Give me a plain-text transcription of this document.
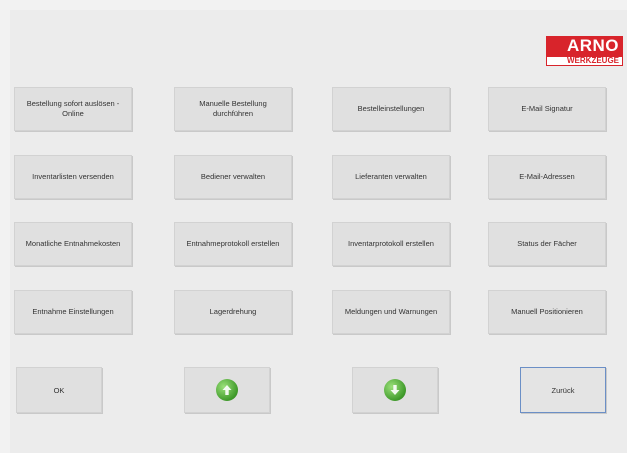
ARNO
WERKZEUGE
Bestellung sofort auslösen - Online
Manuelle Bestellung durchführen
Bestelleinstellungen	E-Mail Signatur
Inventarlisten versenden	Bediener verwalten	Lieferanten verwalten	E-Mail-Adressen
Monatliche Entnahmekosten	Entnahmeprotokoll erstellen	Inventarprotokoll erstellen	Status der Fächer
Entnahme Einstellungen	Lagerdrehung	Meldungen und Warnungen	Manuell Positionieren
OK	Zurück
